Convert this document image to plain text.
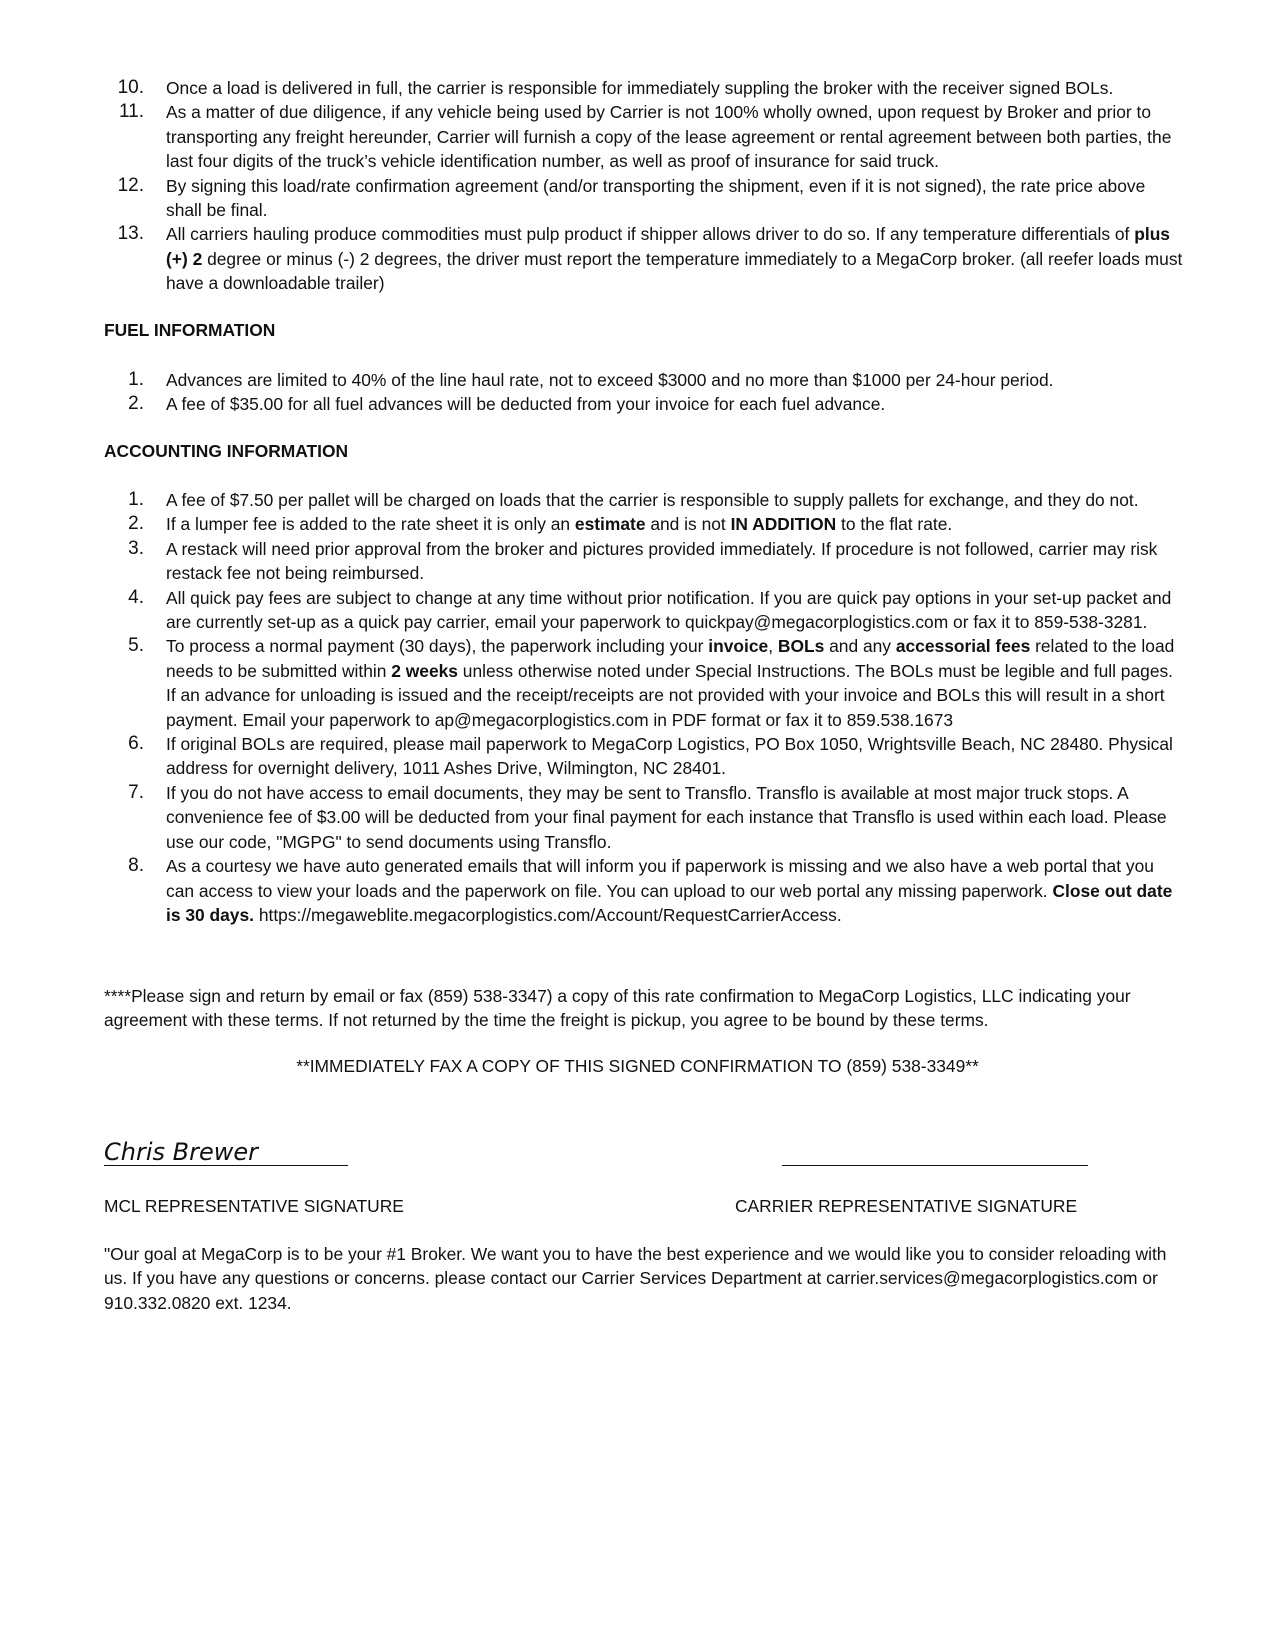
10. Once a load is delivered in full, the carrier is responsible for immediately suppling the broker with the receiver signed BOLs.
11. As a matter of due diligence, if any vehicle being used by Carrier is not 100% wholly owned, upon request by Broker and prior to transporting any freight hereunder, Carrier will furnish a copy of the lease agreement or rental agreement between both parties, the last four digits of the truck’s vehicle identification number, as well as proof of insurance for said truck.
12. By signing this load/rate confirmation agreement (and/or transporting the shipment, even if it is not signed), the rate price above shall be final.
13. All carriers hauling produce commodities must pulp product if shipper allows driver to do so. If any temperature differentials of plus (+) 2 degree or minus (-) 2 degrees, the driver must report the temperature immediately to a MegaCorp broker. (all reefer loads must have a downloadable trailer)
FUEL INFORMATION
1. Advances are limited to 40% of the line haul rate, not to exceed $3000 and no more than $1000 per 24-hour period.
2. A fee of $35.00 for all fuel advances will be deducted from your invoice for each fuel advance.
ACCOUNTING INFORMATION
1. A fee of $7.50 per pallet will be charged on loads that the carrier is responsible to supply pallets for exchange, and they do not.
2. If a lumper fee is added to the rate sheet it is only an estimate and is not IN ADDITION to the flat rate.
3. A restack will need prior approval from the broker and pictures provided immediately. If procedure is not followed, carrier may risk restack fee not being reimbursed.
4. All quick pay fees are subject to change at any time without prior notification. If you are quick pay options in your set-up packet and are currently set-up as a quick pay carrier, email your paperwork to quickpay@megacorplogistics.com or fax it to 859-538-3281.
5. To process a normal payment (30 days), the paperwork including your invoice, BOLs and any accessorial fees related to the load needs to be submitted within 2 weeks unless otherwise noted under Special Instructions. The BOLs must be legible and full pages. If an advance for unloading is issued and the receipt/receipts are not provided with your invoice and BOLs this will result in a short payment. Email your paperwork to ap@megacorplogistics.com in PDF format or fax it to 859.538.1673
6. If original BOLs are required, please mail paperwork to MegaCorp Logistics, PO Box 1050, Wrightsville Beach, NC 28480. Physical address for overnight delivery, 1011 Ashes Drive, Wilmington, NC 28401.
7. If you do not have access to email documents, they may be sent to Transflo. Transflo is available at most major truck stops. A convenience fee of $3.00 will be deducted from your final payment for each instance that Transflo is used within each load. Please use our code, "MGPG" to send documents using Transflo.
8. As a courtesy we have auto generated emails that will inform you if paperwork is missing and we also have a web portal that you can access to view your loads and the paperwork on file. You can upload to our web portal any missing paperwork. Close out date is 30 days. https://megaweblite.megacorplogistics.com/Account/RequestCarrierAccess.
****Please sign and return by email or fax (859) 538-3347) a copy of this rate confirmation to MegaCorp Logistics, LLC indicating your agreement with these terms. If not returned by the time the freight is pickup, you agree to be bound by these terms.
**IMMEDIATELY FAX A COPY OF THIS SIGNED CONFIRMATION TO (859) 538-3349**
Chris Brewer
MCL REPRESENTATIVE SIGNATURE	CARRIER REPRESENTATIVE SIGNATURE
"Our goal at MegaCorp is to be your #1 Broker. We want you to have the best experience and we would like you to consider reloading with us. If you have any questions or concerns. please contact our Carrier Services Department at carrier.services@megacorplogistics.com or 910.332.0820 ext. 1234.
